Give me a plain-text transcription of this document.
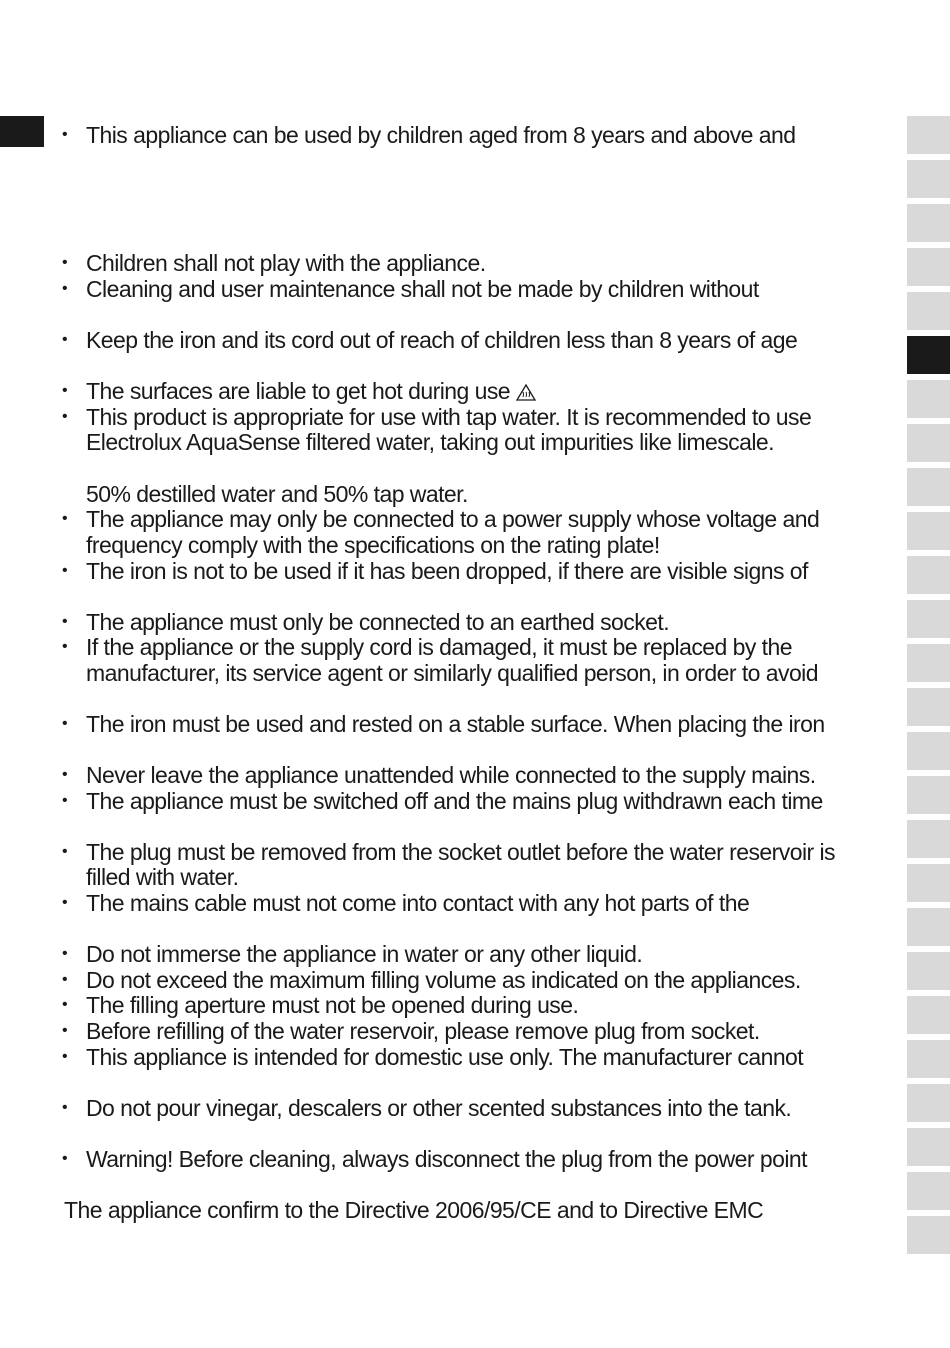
•
•
•
•
•
•
•
•
•
•
•
•
•
•
•
•
•
•
•
•
•
•
This appliance can be used by children aged from 8 years and above and
Children shall not play with the appliance.
Cleaning and user maintenance shall not be made by children without
Keep the iron and its cord out of reach of children less than 8 years of age
The surfaces are liable to get hot during use
This product is appropriate for use with tap water. It is recommended to use
Electrolux AquaSense filtered water, taking out impurities like limescale.
50% destilled water and 50% tap water.
The appliance may only be connected to a power supply whose voltage and
frequency comply with the specifications on the rating plate!
The iron is not to be used if it has been dropped, if there are visible signs of
The appliance must only be connected to an earthed socket.
If the appliance or the supply cord is damaged, it must be replaced by the
manufacturer, its service agent or similarly qualified person, in order to avoid
The iron must be used and rested on a stable surface. When placing the iron
Never leave the appliance unattended while connected to the supply mains.
The appliance must be switched off and the mains plug withdrawn each time
The plug must be removed from the socket outlet before the water reservoir is
filled with water.
The mains cable must not come into contact with any hot parts of the
Do not immerse the appliance in water or any other liquid.
Do not exceed the maximum filling volume as indicated on the appliances.
The filling aperture must not be opened during use.
Before refilling of the water reservoir, please remove plug from socket.
This appliance is intended for domestic use only. The manufacturer cannot
Do not pour vinegar, descalers or other scented substances into the tank.
Warning! Before cleaning, always disconnect the plug from the power point
The appliance confirm to the Directive 2006/95/CE and to Directive EMC
